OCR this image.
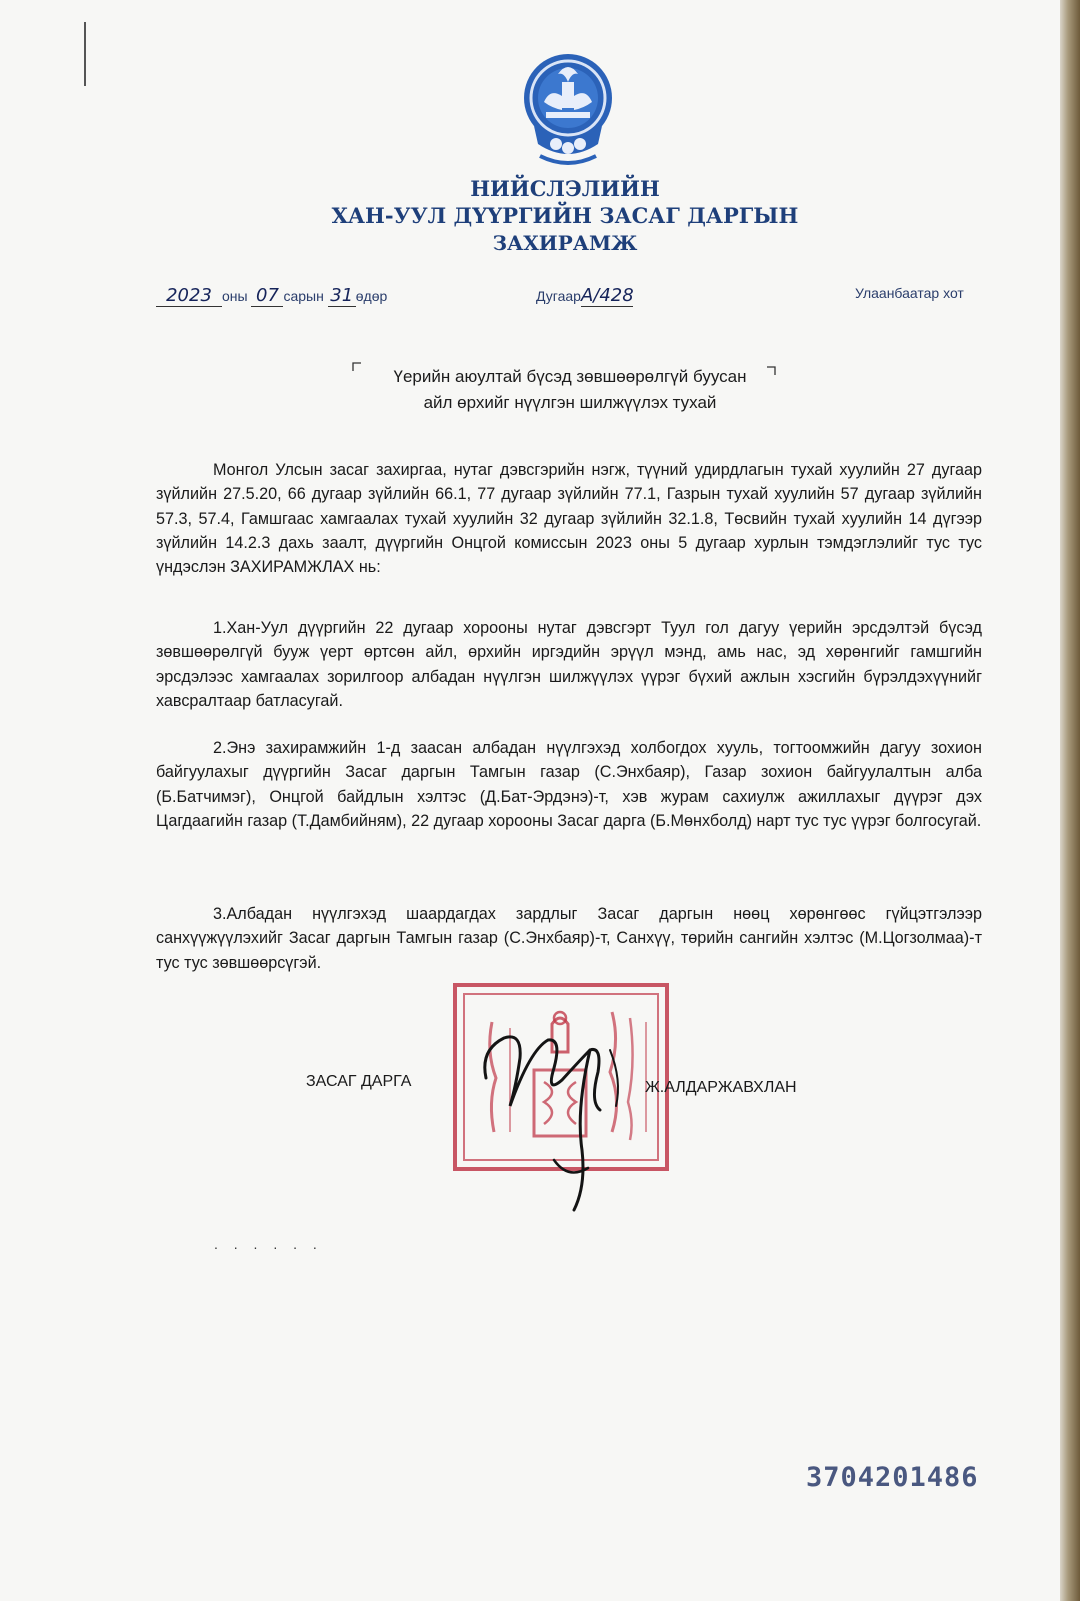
НИЙСЛЭЛИЙН
ХАН-УУЛ ДҮҮРГИЙН ЗАСАГ ДАРГЫН
ЗАХИРАМЖ
2023 оны 07 сарын 31 өдөр	ДугаарA/428	Улаанбаатар хот
Үерийн аюултай бүсэд зөвшөөрөлгүй буусан
айл өрхийг нүүлгэн шилжүүлэх тухай

Монгол Улсын засаг захиргаа, нутаг дэвсгэрийн нэгж, түүний удирдлагын тухай хуулийн 27 дугаар зүйлийн 27.5.20, 66 дугаар зүйлийн 66.1, 77 дугаар зүйлийн 77.1, Газрын тухай хуулийн 57 дугаар зүйлийн 57.3, 57.4, Гамшгаас хамгаалах тухай хуулийн 32 дугаар зүйлийн 32.1.8, Төсвийн тухай хуулийн 14 дүгээр зүйлийн 14.2.3 дахь заалт, дүүргийн Онцгой комиссын 2023 оны 5 дугаар хурлын тэмдэглэлийг тус тус үндэслэн ЗАХИРАМЖЛАХ нь:

1.Хан-Уул дүүргийн 22 дугаар хорооны нутаг дэвсгэрт Туул гол дагуу үерийн эрсдэлтэй бүсэд зөвшөөрөлгүй бууж үерт өртсөн айл, өрхийн иргэдийн эрүүл мэнд, амь нас, эд хөрөнгийг гамшгийн эрсдэлээс хамгаалах зорилгоор албадан нүүлгэн шилжүүлэх үүрэг бүхий ажлын хэсгийн бүрэлдэхүүнийг хавсралтаар батласугай.

2.Энэ захирамжийн 1-д заасан албадан нүүлгэхэд холбогдох хууль, тогтоомжийн дагуу зохион байгуулахыг дүүргийн Засаг даргын Тамгын газар (С.Энхбаяр), Газар зохион байгуулалтын алба (Б.Батчимэг), Онцгой байдлын хэлтэс (Д.Бат-Эрдэнэ)-т, хэв журам сахиулж ажиллахыг дүүрэг дэх Цагдаагийн газар (Т.Дамбийням), 22 дугаар хорооны Засаг дарга (Б.Мөнхболд) нарт тус тус үүрэг болгосугай.

3.Албадан нүүлгэхэд шаардагдах зардлыг Засаг даргын нөөц хөрөнгөөс гүйцэтгэлээр санхүүжүүлэхийг Засаг даргын Тамгын газар (С.Энхбаяр)-т, Санхүү, төрийн сангийн хэлтэс (М.Цогзолмаа)-т тус тус зөвшөөрсүгэй.

ЗАСАГ ДАРГА	Ж.АЛДАРЖАВХЛАН
. . . . . .
3704201486
